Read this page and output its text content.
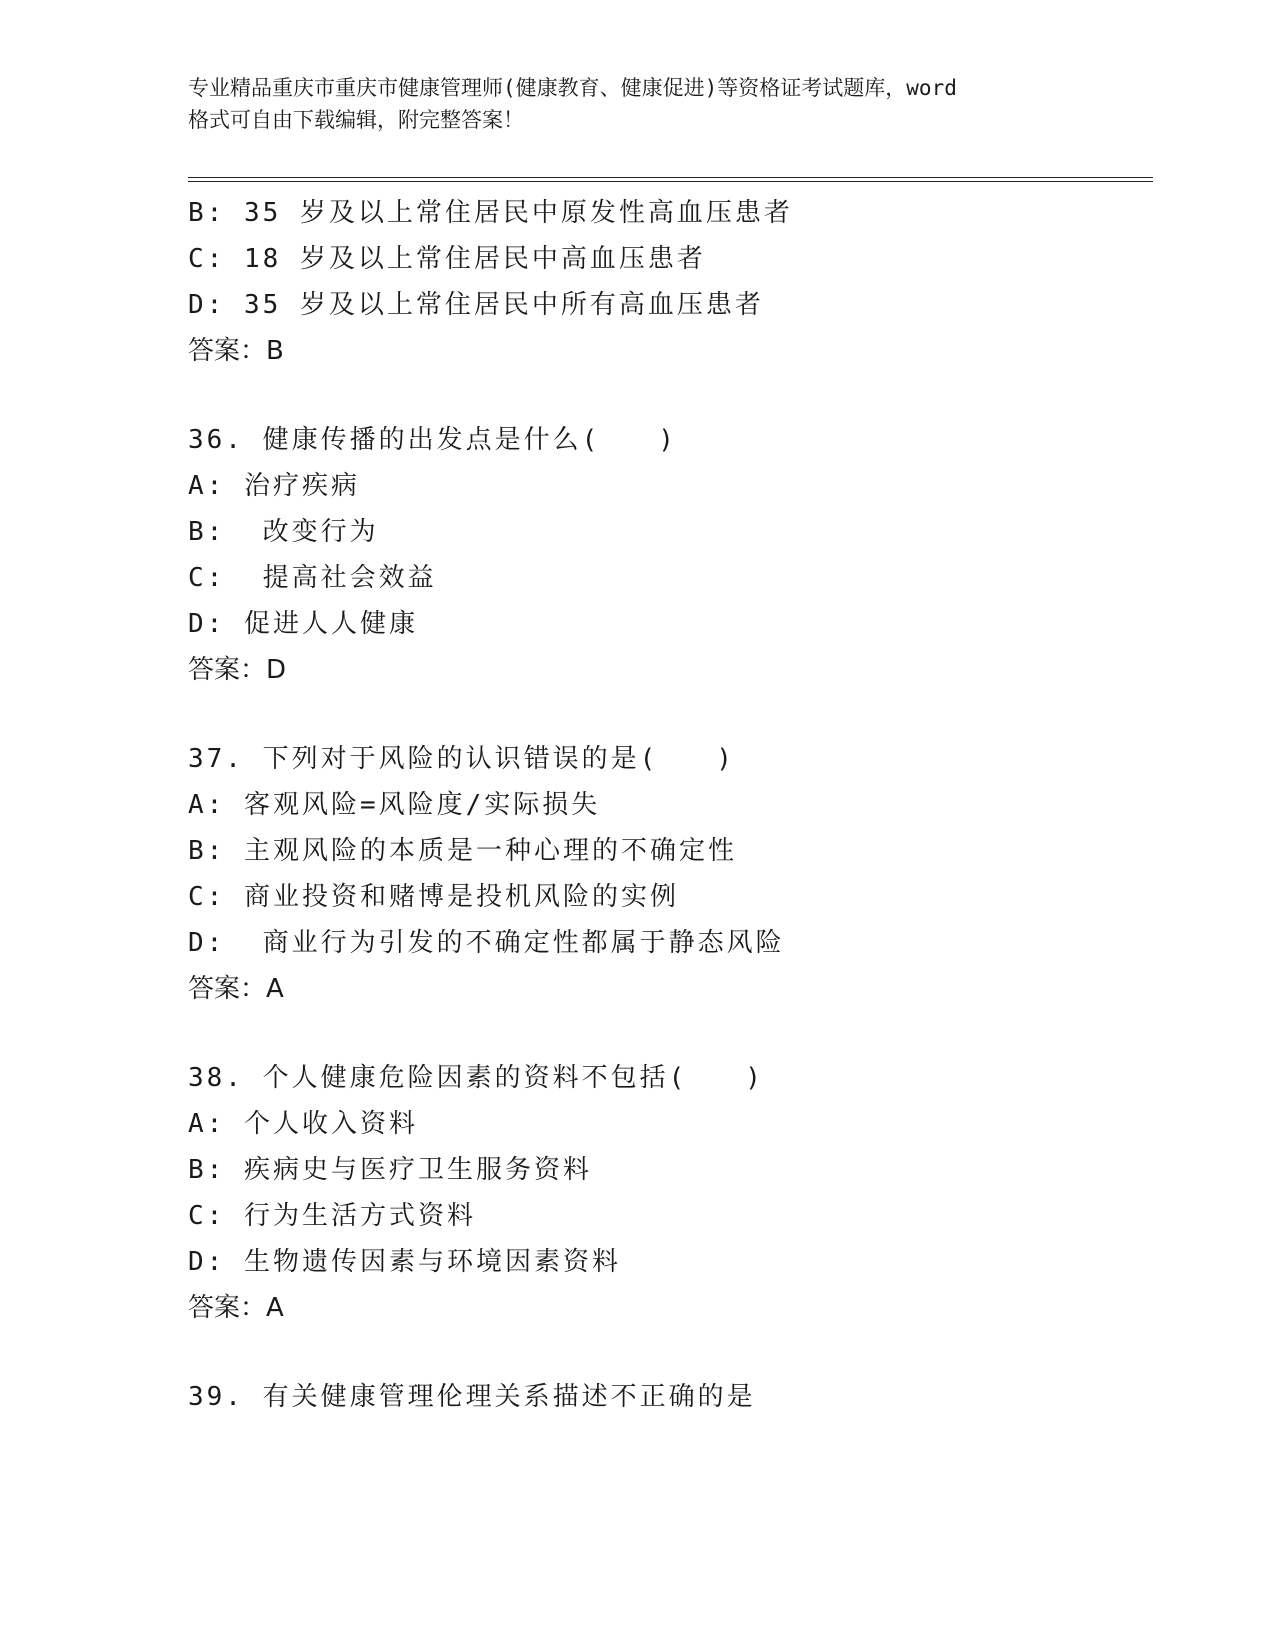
专业精品重庆市重庆市健康管理师(健康教育、健康促进)等资格证考试题库，word
格式可自由下载编辑，附完整答案！
B: 35 岁及以上常住居民中原发性高血压患者
C: 18 岁及以上常住居民中高血压患者
D: 35 岁及以上常住居民中所有高血压患者
答案：B
36. 健康传播的出发点是什么(　　)
A: 治疗疾病
B:  改变行为
C:  提高社会效益
D: 促进人人健康
答案：D
37. 下列对于风险的认识错误的是(　　)
A: 客观风险=风险度/实际损失
B: 主观风险的本质是一种心理的不确定性
C: 商业投资和赌博是投机风险的实例
D:  商业行为引发的不确定性都属于静态风险
答案：A
38. 个人健康危险因素的资料不包括(　　)
A: 个人收入资料
B: 疾病史与医疗卫生服务资料
C: 行为生活方式资料
D: 生物遗传因素与环境因素资料
答案：A
39. 有关健康管理伦理关系描述不正确的是
